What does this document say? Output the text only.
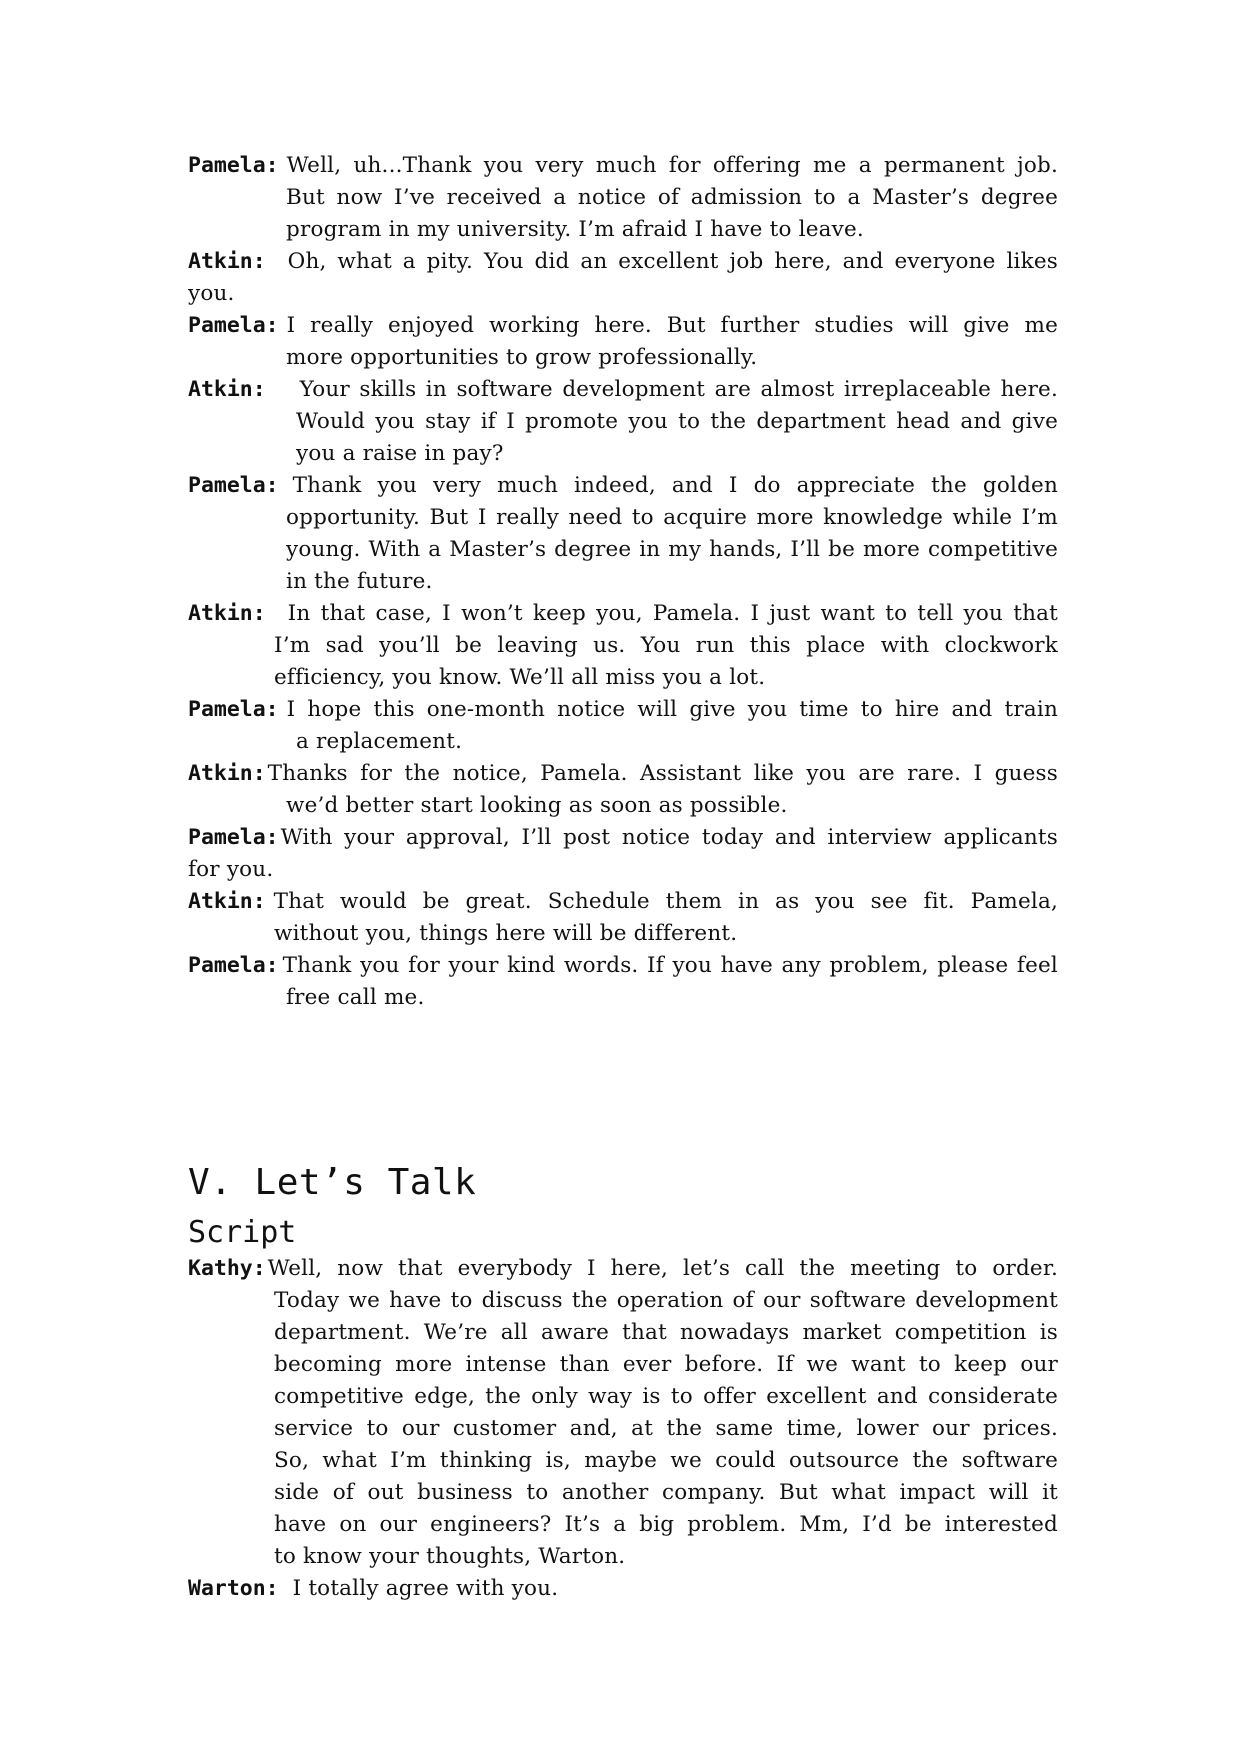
Pamela: Well, uh...Thank you very much for offering me a permanent job.
But now I’ve received a notice of admission to a Master’s degree
program in my university. I’m afraid I have to leave.
Atkin: Oh, what a pity. You did an excellent job here, and everyone likes
you.
Pamela: I really enjoyed working here. But further studies will give me
more opportunities to grow professionally.
Atkin: Your skills in software development are almost irreplaceable here.
Would you stay if I promote you to the department head and give
you a raise in pay?
Pamela: Thank you very much indeed, and I do appreciate the golden
opportunity. But I really need to acquire more knowledge while I’m
young. With a Master’s degree in my hands, I’ll be more competitive
in the future.
Atkin: In that case, I won’t keep you, Pamela. I just want to tell you that
I’m sad you’ll be leaving us. You run this place with clockwork
efficiency, you know. We’ll all miss you a lot.
Pamela: I hope this one-month notice will give you time to hire and train
a replacement.
Atkin:Thanks for the notice, Pamela. Assistant like you are rare. I guess
we’d better start looking as soon as possible.
Pamela:With your approval, I’ll post notice today and interview applicants
for you.
Atkin: That would be great. Schedule them in as you see fit. Pamela,
without you, things here will be different.
Pamela: Thank you for your kind words. If you have any problem, please feel
free call me.
V. Let’s Talk
Script
Kathy:Well, now that everybody I here, let’s call the meeting to order.
Today we have to discuss the operation of our software development
department. We’re all aware that nowadays market competition is
becoming more intense than ever before. If we want to keep our
competitive edge, the only way is to offer excellent and considerate
service to our customer and, at the same time, lower our prices.
So, what I’m thinking is, maybe we could outsource the software
side of out business to another company. But what impact will it
have on our engineers? It’s a big problem. Mm, I’d be interested
to know your thoughts, Warton.
Warton: I totally agree with you.
